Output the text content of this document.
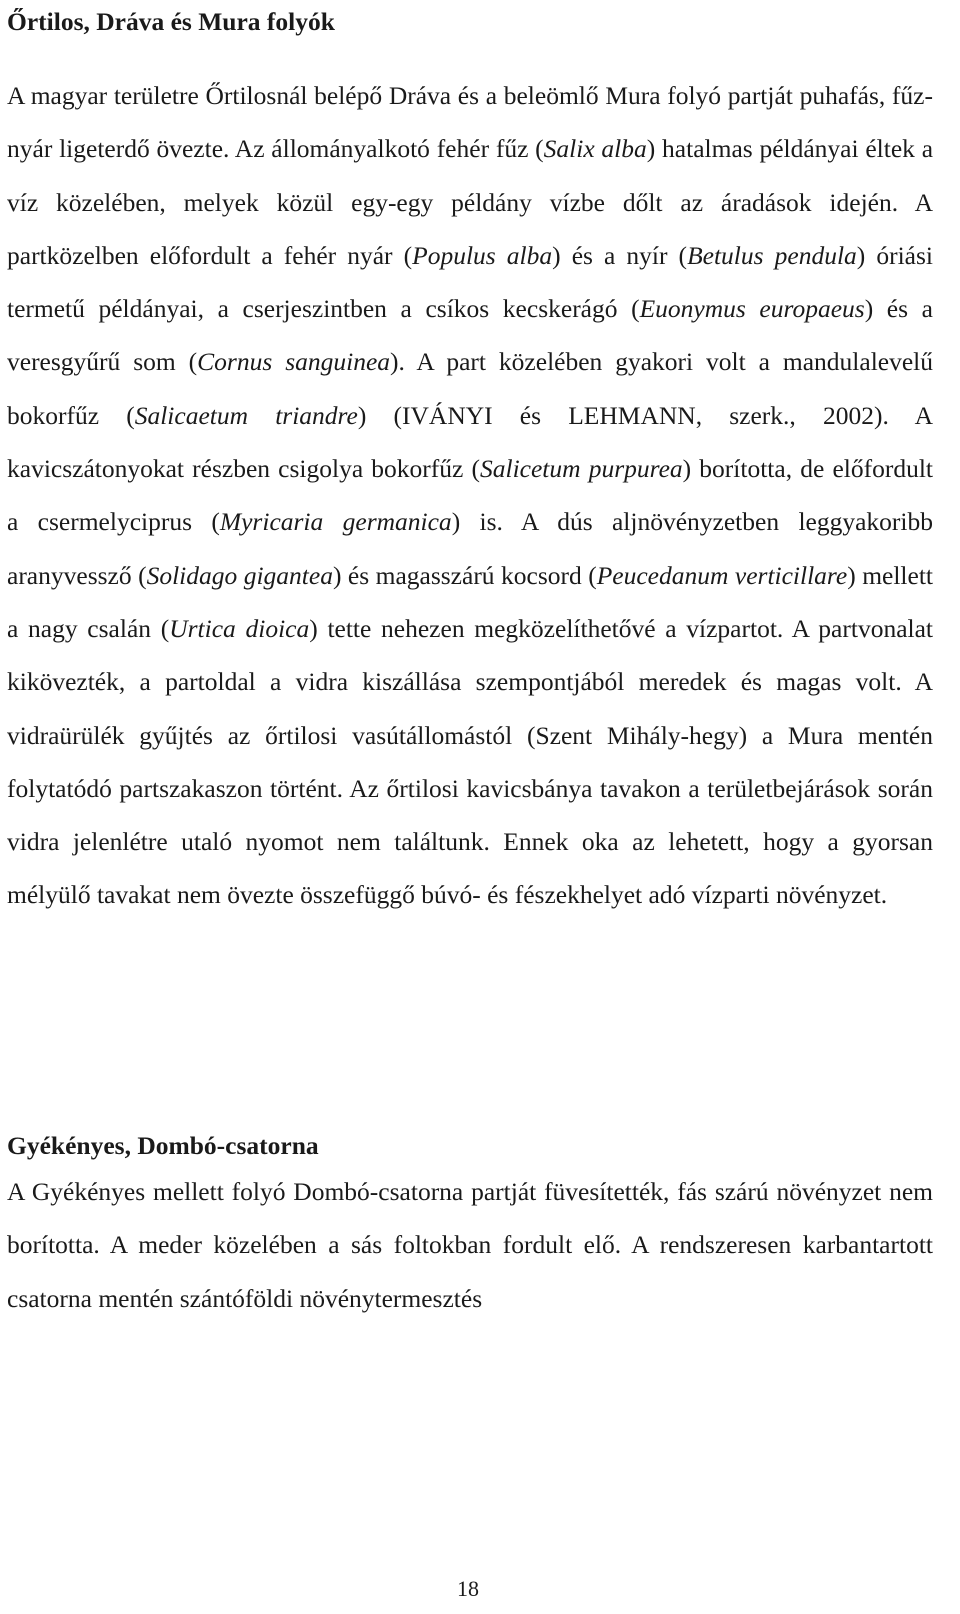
Őrtilos, Dráva és Mura folyók

A magyar területre Őrtilosnál belépő Dráva és a beleömlő Mura folyó partját puhafás, fűz-nyár ligeterdő övezte. Az állományalkotó fehér fűz (Salix alba) hatalmas példányai éltek a víz közelében, melyek közül egy-egy példány vízbe dőlt az áradások idején. A partközelben előfordult a fehér nyár (Populus alba) és a nyír (Betulus pendula) óriási termetű példányai, a cserjeszintben a csíkos kecskerágó (Euonymus europaeus) és a veresgyűrű som (Cornus sanguinea). A part közelében gyakori volt a mandulalevelű bokorfűz (Salicaetum triandre) (IVÁNYI és LEHMANN, szerk., 2002). A kavicszátonyokat részben csigolya bokorfűz (Salicetum purpurea) borította, de előfordult a csermelyciprus (Myricaria germanica) is. A dús aljnövényzetben leggyakoribb aranyvessző (Solidago gigantea) és magasszárú kocsord (Peucedanum verticillare) mellett a nagy csalán (Urtica dioica) tette nehezen megközelíthetővé a vízpartot. A partvonalat kikövezték, a partoldal a vidra kiszállása szempontjából meredek és magas volt. A vidraürülék gyűjtés az őrtilosi vasútállomástól (Szent Mihály-hegy) a Mura mentén folytatódó partszakaszon történt. Az őrtilosi kavicsbánya tavakon a területbejárások során vidra jelenlétre utaló nyomot nem találtunk. Ennek oka az lehetett, hogy a gyorsan mélyülő tavakat nem övezte összefüggő búvó- és fészekhelyet adó vízparti növényzet.

Gyékényes, Dombó-csatorna

A Gyékényes mellett folyó Dombó-csatorna partját füvesítették, fás szárú növényzet nem borította. A meder közelében a sás foltokban fordult elő. A rendszeresen karbantartott csatorna mentén szántóföldi növénytermesztés

18
